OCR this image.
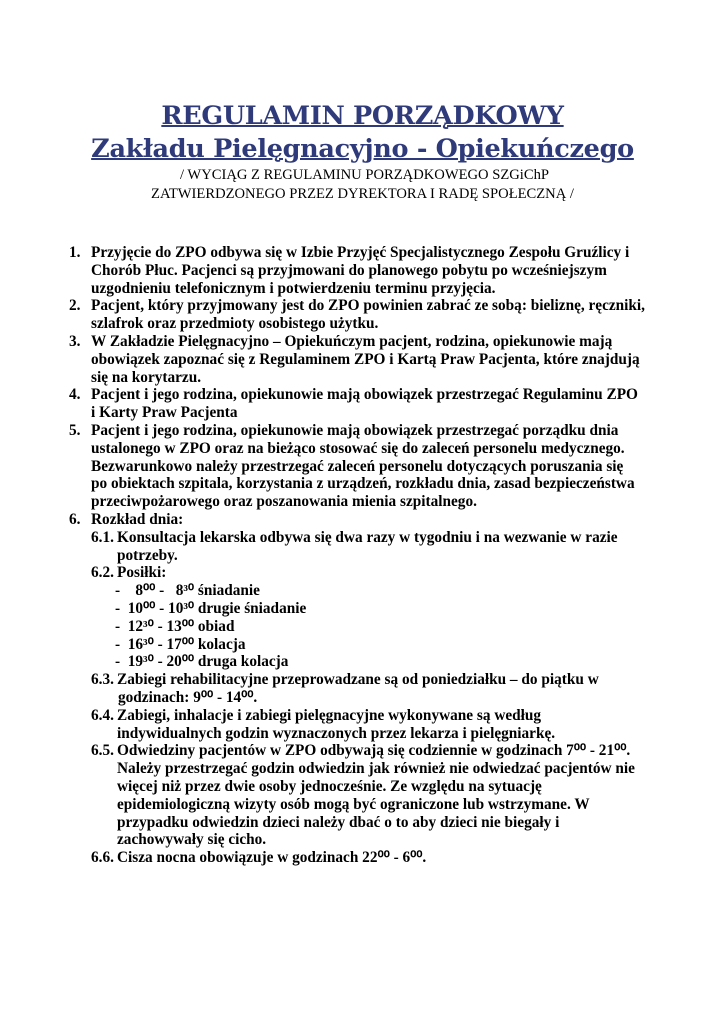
REGULAMIN PORZĄDKOWY
Zakładu Pielęgnacyjno - Opiekuńczego
/ WYCIĄG Z REGULAMINU PORZĄDKOWEGO SZGiChP
ZATWIERDZONEGO PRZEZ DYREKTORA I RADĘ SPOŁECZNĄ /
1. Przyjęcie do ZPO odbywa się w Izbie Przyjęć Specjalistycznego Zespołu Gruźlicy i
Chorób Płuc. Pacjenci są przyjmowani do planowego pobytu po wcześniejszym
uzgodnieniu telefonicznym i potwierdzeniu terminu przyjęcia.
2. Pacjent, który przyjmowany jest do ZPO powinien zabrać ze sobą: bieliznę, ręczniki,
szlafrok oraz przedmioty osobistego użytku.
3. W Zakładzie Pielęgnacyjno – Opiekuńczym pacjent, rodzina, opiekunowie mają
obowiązek zapoznać się z Regulaminem ZPO i Kartą Praw Pacjenta, które znajdują
się na korytarzu.
4. Pacjent i jego rodzina, opiekunowie mają obowiązek przestrzegać Regulaminu ZPO
i Karty Praw Pacjenta
5. Pacjent i jego rodzina, opiekunowie mają obowiązek przestrzegać porządku dnia
ustalonego w ZPO oraz na bieżąco stosować się do zaleceń personelu medycznego.
Bezwarunkowo należy przestrzegać zaleceń personelu dotyczących poruszania się
po obiektach szpitala, korzystania z urządzeń, rozkładu dnia, zasad bezpieczeństwa
przeciwpożarowego oraz poszanowania mienia szpitalnego.
6. Rozkład dnia:
6.1. Konsultacja lekarska odbywa się dwa razy w tygodniu i na wezwanie w razie
potrzeby.
6.2. Posiłki:
-    8⁰⁰ -   8³⁰ śniadanie
-  10⁰⁰ - 10³⁰ drugie śniadanie
-  12³⁰ - 13⁰⁰ obiad
-  16³⁰ - 17⁰⁰ kolacja
-  19³⁰ - 20⁰⁰ druga kolacja
6.3. Zabiegi rehabilitacyjne przeprowadzane są od poniedziałku – do piątku w
godzinach: 9⁰⁰ - 14⁰⁰.
6.4. Zabiegi, inhalacje i zabiegi pielęgnacyjne wykonywane są według
indywidualnych godzin wyznaczonych przez lekarza i pielęgniarkę.
6.5. Odwiedziny pacjentów w ZPO odbywają się codziennie w godzinach 7⁰⁰ - 21⁰⁰.
Należy przestrzegać godzin odwiedzin jak również nie odwiedzać pacjentów nie
więcej niż przez dwie osoby jednocześnie. Ze względu na sytuację
epidemiologiczną wizyty osób mogą być ograniczone lub wstrzymane. W
przypadku odwiedzin dzieci należy dbać o to aby dzieci nie biegały i
zachowywały się cicho.
6.6. Cisza nocna obowiązuje w godzinach 22⁰⁰ - 6⁰⁰.
